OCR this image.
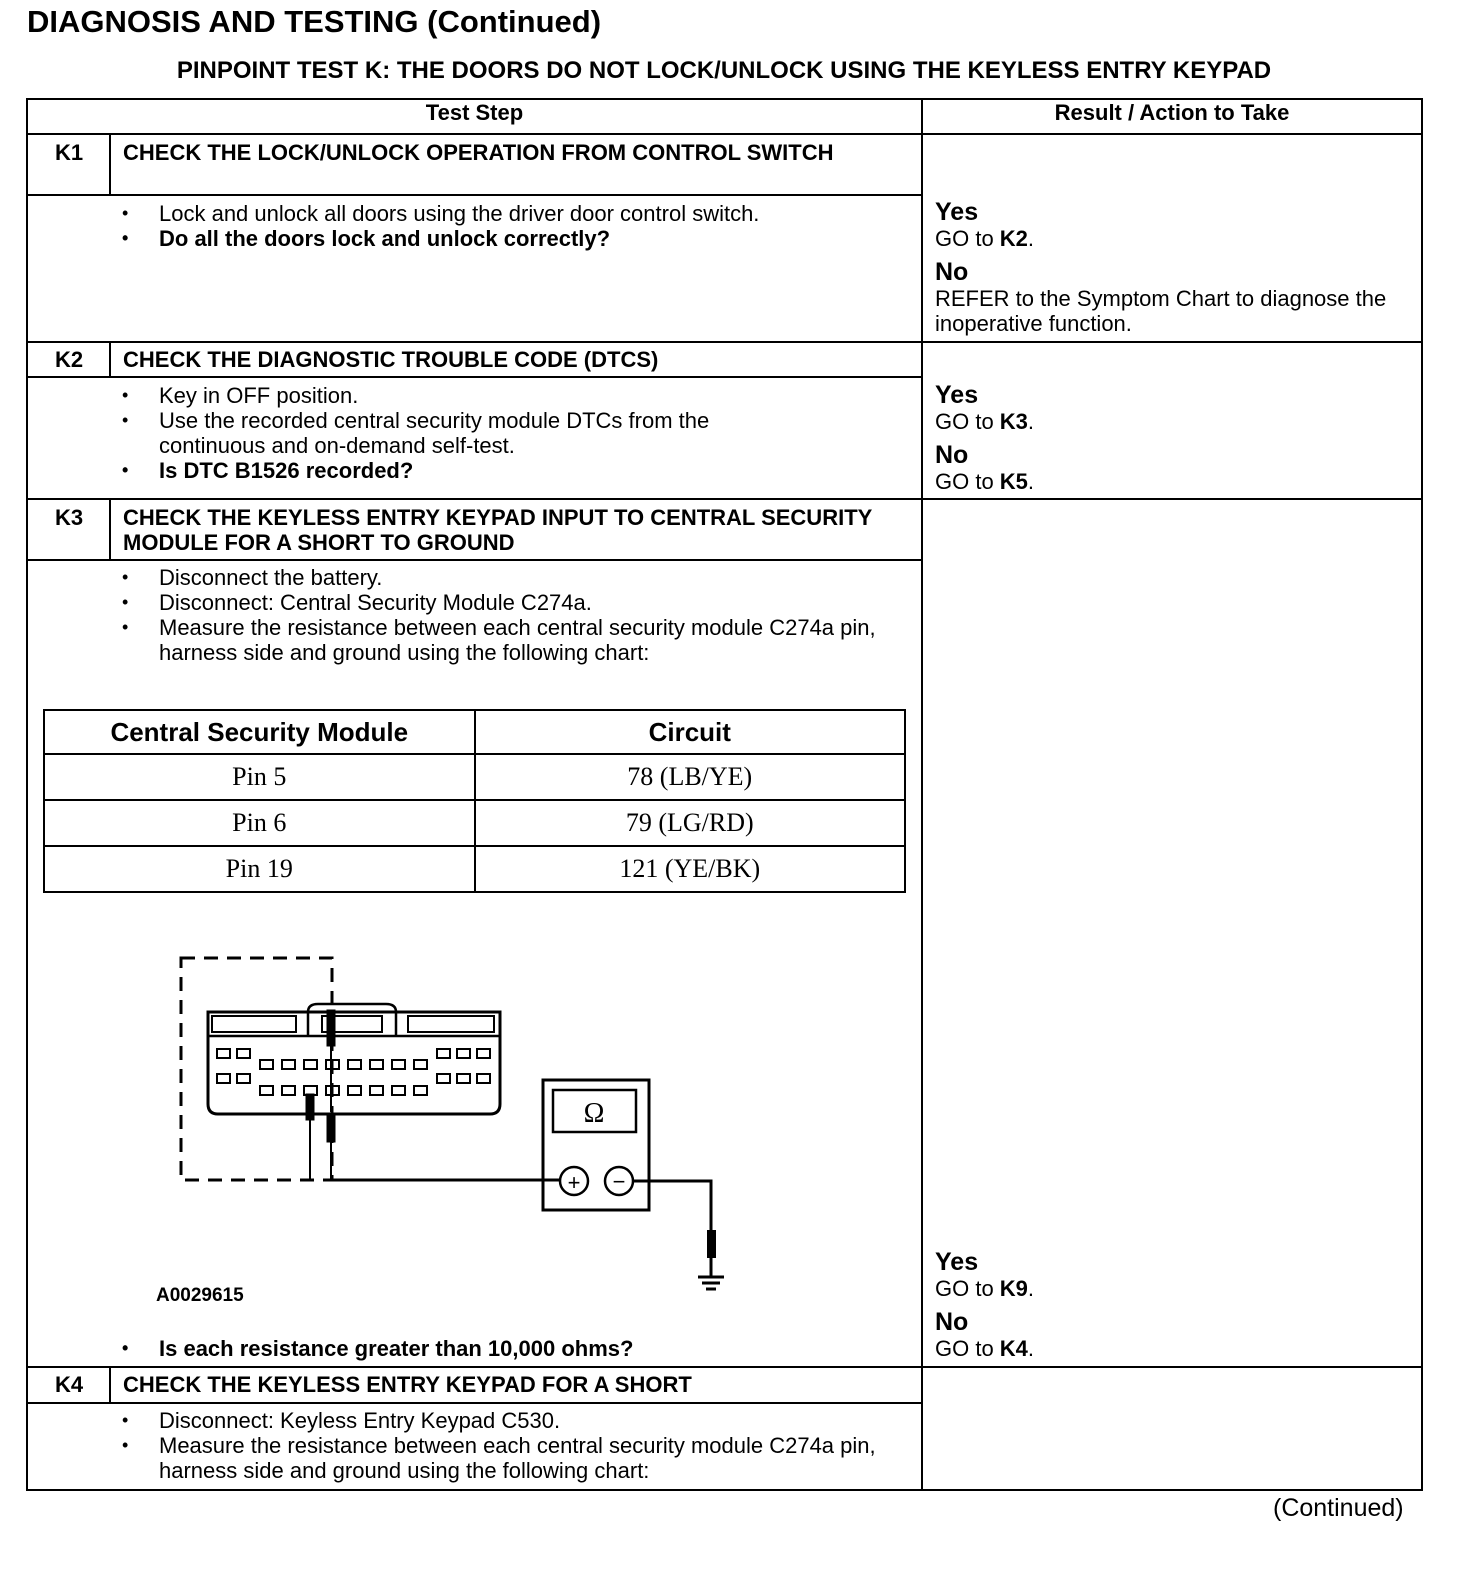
DIAGNOSIS AND TESTING (Continued)
PINPOINT TEST K: THE DOORS DO NOT LOCK/UNLOCK USING THE KEYLESS ENTRY KEYPAD
Test Step	Result / Action to Take
K1	CHECK THE LOCK/UNLOCK OPERATION FROM CONTROL SWITCH
• Lock and unlock all doors using the driver door control switch.
• Do all the doors lock and unlock correctly?
Yes
GO to K2.
No
REFER to the Symptom Chart to diagnose the inoperative function.
K2	CHECK THE DIAGNOSTIC TROUBLE CODE (DTCS)
• Key in OFF position.
• Use the recorded central security module DTCs from the continuous and on-demand self-test.
• Is DTC B1526 recorded?
Yes
GO to K3.
No
GO to K5.
K3	CHECK THE KEYLESS ENTRY KEYPAD INPUT TO CENTRAL SECURITY MODULE FOR A SHORT TO GROUND
• Disconnect the battery.
• Disconnect: Central Security Module C274a.
• Measure the resistance between each central security module C274a pin, harness side and ground using the following chart:
Central Security Module	Circuit
Pin 5	78 (LB/YE)
Pin 6	79 (LG/RD)
Pin 19	121 (YE/BK)
Ω
+ −
A0029615
• Is each resistance greater than 10,000 ohms?
Yes
GO to K9.
No
GO to K4.
K4	CHECK THE KEYLESS ENTRY KEYPAD FOR A SHORT
• Disconnect: Keyless Entry Keypad C530.
• Measure the resistance between each central security module C274a pin, harness side and ground using the following chart:
(Continued)
